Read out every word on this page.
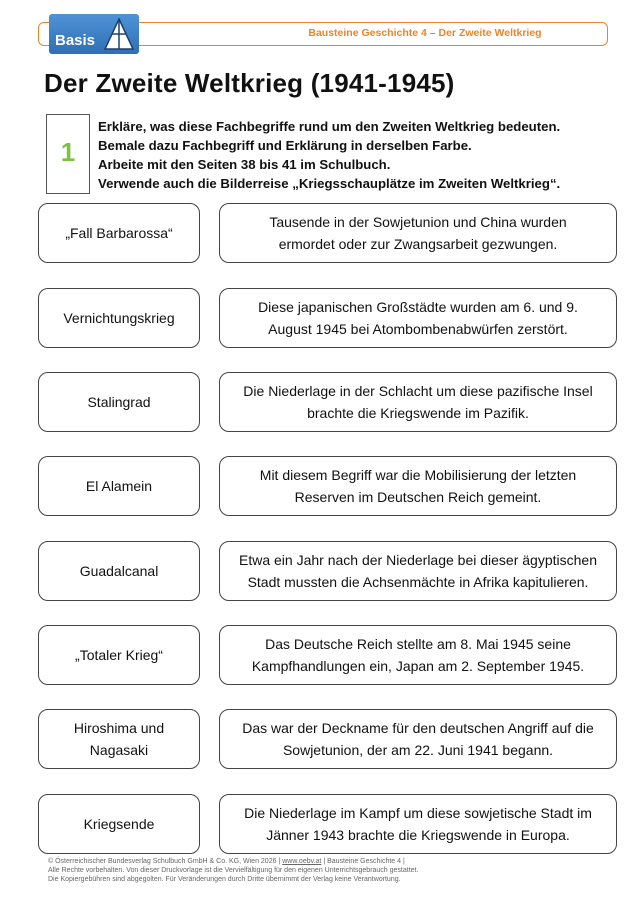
Bausteine Geschichte 4 – Der Zweite Weltkrieg
Basis
Der Zweite Weltkrieg (1941-1945)
1
Erkläre, was diese Fachbegriffe rund um den Zweiten Weltkrieg bedeuten.
Bemale dazu Fachbegriff und Erklärung in derselben Farbe.
Arbeite mit den Seiten 38 bis 41 im Schulbuch.
Verwende auch die Bilderreise „Kriegsschauplätze im Zweiten Weltkrieg“.
„Fall Barbarossa“
Vernichtungskrieg
Stalingrad
El Alamein
Guadalcanal
„Totaler Krieg“
Hiroshima und
Nagasaki
Kriegsende
Tausende in der Sowjetunion und China wurden
ermordet oder zur Zwangsarbeit gezwungen.
Diese japanischen Großstädte wurden am 6. und 9.
August 1945 bei Atombombenabwürfen zerstört.
Die Niederlage in der Schlacht um diese pazifische Insel
brachte die Kriegswende im Pazifik.
Mit diesem Begriff war die Mobilisierung der letzten
Reserven im Deutschen Reich gemeint.
Etwa ein Jahr nach der Niederlage bei dieser ägyptischen
Stadt mussten die Achsenmächte in Afrika kapitulieren.
Das Deutsche Reich stellte am 8. Mai 1945 seine
Kampfhandlungen ein, Japan am 2. September 1945.
Das war der Deckname für den deutschen Angriff auf die
Sowjetunion, der am 22. Juni 1941 begann.
Die Niederlage im Kampf um diese sowjetische Stadt im
Jänner 1943 brachte die Kriegswende in Europa.
© Österreichischer Bundesverlag Schulbuch GmbH & Co. KG, Wien 2026 | www.oebv.at | Bausteine Geschichte 4 |
Alle Rechte vorbehalten. Von dieser Druckvorlage ist die Vervielfältigung für den eigenen Unterrichtsgebrauch gestattet.
Die Kopiergebühren sind abgegolten. Für Veränderungen durch Dritte übernimmt der Verlag keine Verantwortung.
